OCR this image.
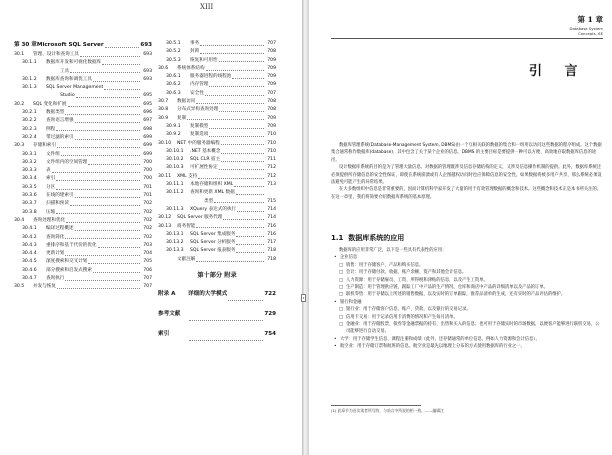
XIII
第 30 章 Microsoft SQL Server	693
30.1	管理、设计和查询工具	693
30.1.1	数据库开发和可视化数据库
工具	693
30.1.2	数据库查询和调优工具	693
30.1.3	SQL Server Management
Studio	695
30.2	SQL 变化和扩展	695
30.2.1	数据类型	696
30.2.2	查询语言增强	697
30.2.3	例程	698
30.2.4	带过滤的索引	699
30.3	存储和索引	699
30.3.1	文件组	699
30.3.2	文件组内的空间管理	700
30.3.3	表	700
30.3.4	索引	700
30.3.5	分区	701
30.3.6	在线的建索引	701
30.3.7	扫描和预读	702
30.3.8	压缩	702
30.4	查询处理和优化	702
30.4.1	编译过程概述	702
30.4.2	查询简化	702
30.4.3	重排序和基于代价的优化	703
30.4.4	更新计划	704
30.4.5	深度搜索和交叉计划	705
30.4.6	部分搜索和启发式搜索	706
30.4.7	查询执行	707
30.5	并发与恢复	707
30.5.1	事务	707
30.5.2	封锁	708
30.5.3	恢复和可用性	709
30.6	系统体系结构	709
30.6.1	服务器进程的线程池	709
30.6.2	内存管理	709
30.6.3	安全性	707
30.7	数据访问	708
30.8	分布式异构查询处理	708
30.9	复制	709
30.9.1	复制模型	709
30.9.2	复制选项	710
30.10	NET 中的服务器编程	710
30.10.1	.NET 基本概念	710
30.10.2	SQL CLR 宿主	711
30.10.3	可扩展性协定	712
30.11	XML 支持	712
30.11.1	本地存储和组织 XML	713
30.11.2	查询和更新 XML 数据
类型	715
30.11.3	XQuery 表达式的执行	714
30.12	SQL Server 服务代理	714
30.13	商务智能	716
30.13.1	SQL Server 集成服务	716
30.13.2	SQL Server 分析服务	717
30.13.3	SQL Server 报表服务	718
文献注解	718
第十部分 附录
附录 A	详细的大学模式	722
参考文献	729
索引	754
第 1 章
Database System Concepts, 6E
引 言
数据库管理系统(Database-Management System, DBMS)由一个互相关联的数据的集合和一组用以访问这些数据的程序组成。这个数据集合通常称作数据库(database)，其中包含了关于某个企业的信息。DBMS 的主要目标是要提供一种可以方便、高效地存取数据库信息的途径。
设计数据库系统的目的是为了管理大量信息。对数据的管理既涉及信息存储结构的定义，又涉及信息操作机制的提供。此外，数据库系统还必须提供所存储信息的安全性保证，即使在系统崩溃或有人企图越权访问时也应保障信息的安全性。如果数据将被多用户共享，那么系统必须设法避免可能产生的异常结果。
在大多数组织中信息是非常重要的，因而计算机科学家开发了大量的用于有效管理数据的概念和技术。这些概念和技术正是本书所关注的。在这一章里，我们将简要介绍数据库系统的基本原理。
1.1 数据库系统的应用
数据库的应用非常广泛，以下是一些具有代表性的应用：
• 企业信息
□ 销售：用于存储客户、产品和购买信息。
□ 会计：用于存储付款、收据、账户余额、资产和其他会计信息。
□ 人力资源：用于存储雇员、工资、所得税和津贴的信息，以及产生工资单。
□ 生产制造：用于管理供应链，跟踪工厂中产品的生产情况、仓库和商店中产品的详细清单以及产品的订单。
□ 联机零售：用于存储以上所述的销售数据，以及实时的订单跟踪，推荐品清单的生成，还有实时的产品评估的维护。
• 银行和金融
□ 银行业：用于存储客户信息、账户、贷款，以及银行的交易记录。
□ 信用卡交易：用于记录信用卡消费的情况和产生每月清单。
□ 金融业：用于存储股票、债券等金融票据的持有、出售和买入的信息；也可用于存储实时的市场数据，以便客户能够进行联机交易，公司能够进行自动交易。
• 大学：用于存储学生信息、课程注册和成绩（此外，还存储通常的单位信息，例如人力资源和会计信息）。
• 航空业：用于存储订票和航班的信息。航空业是最先以地理上分布的方式使用数据库的行业之一。
(1) 此章节为首次读者所写的，与前言中所说的相一致。——编辑注
1
